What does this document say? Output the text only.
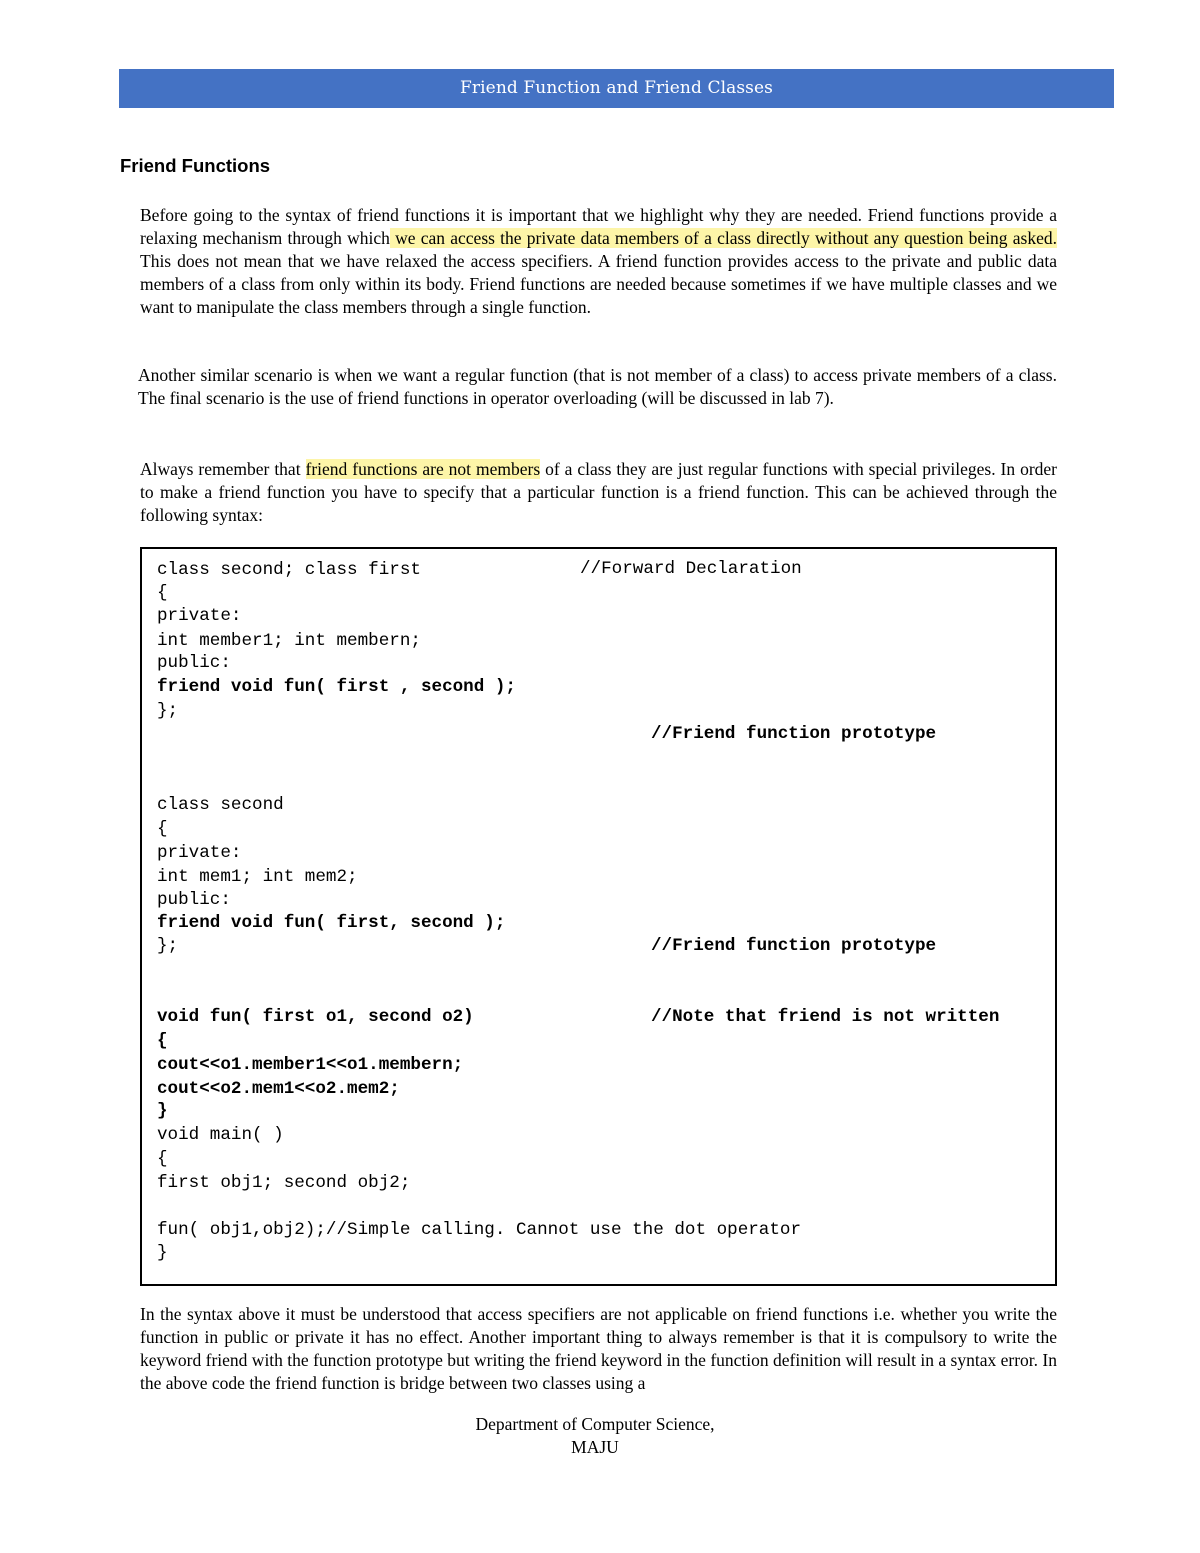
Friend Function and Friend Classes
Friend Functions

Before going to the syntax of friend functions it is important that we highlight why they are needed. Friend functions provide a relaxing mechanism through which we can access the private data members of a class directly without any question being asked. This does not mean that we have relaxed the access specifiers. A friend function provides access to the private and public data members of a class from only within its body. Friend functions are needed because sometimes if we have multiple classes and we want to manipulate the class members through a single function.

Another similar scenario is when we want a regular function (that is not member of a class) to access private members of a class. The final scenario is the use of friend functions in operator overloading (will be discussed in lab 7).

Always remember that friend functions are not members of a class they are just regular functions with special privileges. In order to make a friend function you have to specify that a particular function is a friend function. This can be achieved through the following syntax:

class second; class first	//Forward Declaration
{
private:
int member1; int membern;
public:
friend void fun( first , second );
};
//Friend function prototype
class second
{
private:
int mem1; int mem2;
public:
friend void fun( first, second );
};	//Friend function prototype
void fun( first o1, second o2)	//Note that friend is not written
{
cout<<o1.member1<<o1.membern;
cout<<o2.mem1<<o2.mem2;
}
void main( )
{
first obj1; second obj2;
fun( obj1,obj2);//Simple calling. Cannot use the dot operator
}

In the syntax above it must be understood that access specifiers are not applicable on friend functions i.e. whether you write the function in public or private it has no effect. Another important thing to always remember is that it is compulsory to write the keyword friend with the function prototype but writing the friend keyword in the function definition will result in a syntax error. In the above code the friend function is bridge between two classes using a

Department of Computer Science,
MAJU
